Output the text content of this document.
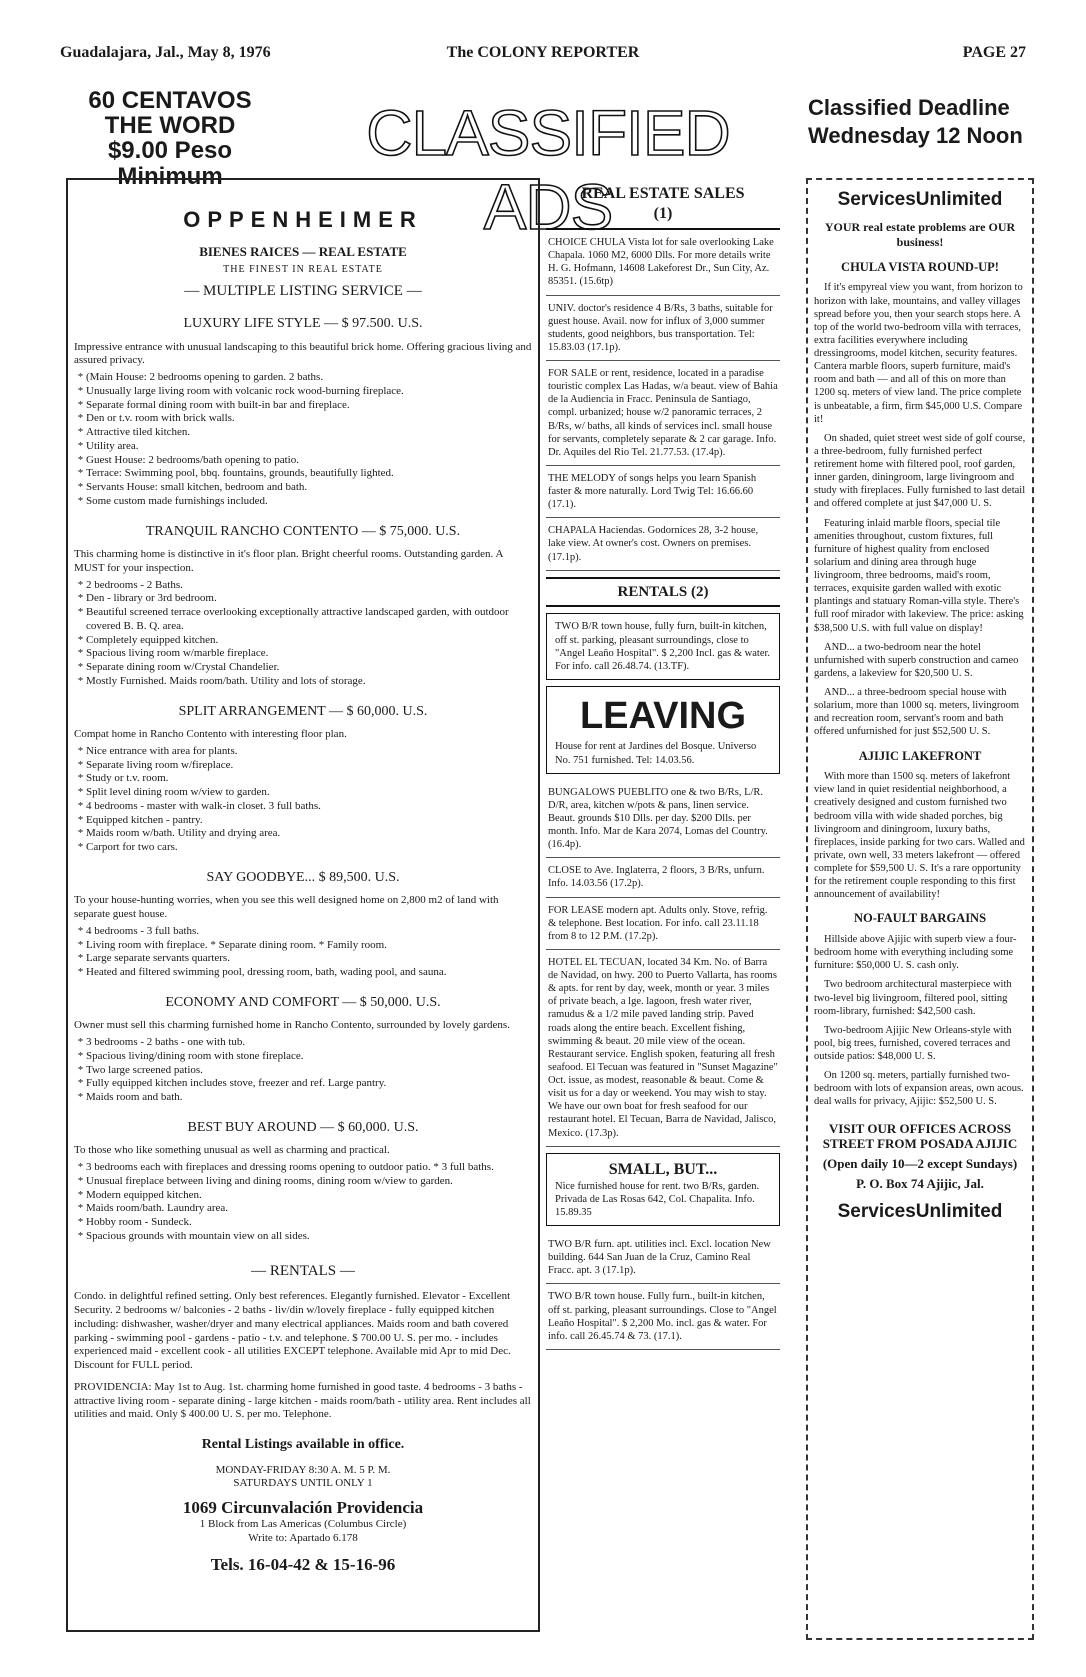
Guadalajara, Jal., May 8, 1976	The COLONY REPORTER	PAGE 27
60 CENTAVOS
THE WORD
$9.00 Peso Minimum
CLASSIFIED ADS
Classified Deadline
Wednesday 12 Noon
OPPENHEIMER
BIENES RAICES — REAL ESTATE
THE FINEST IN REAL ESTATE
— MULTIPLE LISTING SERVICE —
LUXURY LIFE STYLE — $ 97.500. U.S.

Impressive entrance with unusual landscaping to this beautiful brick home. Offering gracious living and assured privacy.

* (Main House: 2 bedrooms opening to garden. 2 baths.
* Unusually large living room with volcanic rock wood-burning fireplace.
* Separate formal dining room with built-in bar and fireplace.
* Den or t.v. room with brick walls.
* Attractive tiled kitchen.
* Utility area.
* Guest House: 2 bedrooms/bath opening to patio.
* Terrace: Swimming pool, bbq. fountains, grounds, beautifully lighted.
* Servants House: small kitchen, bedroom and bath.
* Some custom made furnishings included.
TRANQUIL RANCHO CONTENTO — $ 75,000. U.S.

This charming home is distinctive in it's floor plan. Bright cheerful rooms. Outstanding garden. A MUST for your inspection.

* 2 bedrooms - 2 Baths.
* Den - library or 3rd bedroom.
* Beautiful screened terrace overlooking exceptionally attractive landscaped garden, with outdoor covered B. B. Q. area.
* Completely equipped kitchen.
* Spacious living room w/marble fireplace.
* Separate dining room w/Crystal Chandelier.
* Mostly Furnished. Maids room/bath. Utility and lots of storage.
SPLIT ARRANGEMENT — $ 60,000. U.S.

Compat home in Rancho Contento with interesting floor plan.

* Nice entrance with area for plants.
* Separate living room w/fireplace.
* Study or t.v. room.
* Split level dining room w/view to garden.
* 4 bedrooms - master with walk-in closet. 3 full baths.
* Equipped kitchen - pantry.
* Maids room w/bath. Utility and drying area.
* Carport for two cars.
SAY GOODBYE... $ 89,500. U.S.

To your house-hunting worries, when you see this well designed home on 2,800 m2 of land with separate guest house.

* 4 bedrooms - 3 full baths.
* Living room with fireplace. * Separate dining room. * Family room.
* Large separate servants quarters.
* Heated and filtered swimming pool, dressing room, bath, wading pool, and sauna.
ECONOMY AND COMFORT — $ 50,000. U.S.

Owner must sell this charming furnished home in Rancho Contento, surrounded by lovely gardens.

* 3 bedrooms - 2 baths - one with tub.
* Spacious living/dining room with stone fireplace.
* Two large screened patios.
* Fully equipped kitchen includes stove, freezer and ref. Large pantry.
* Maids room and bath.
BEST BUY AROUND — $ 60,000. U.S.

To those who like something unusual as well as charming and practical.

* 3 bedrooms each with fireplaces and dressing rooms opening to outdoor patio. * 3 full baths.
* Unusual fireplace between living and dining rooms, dining room w/view to garden.
* Modern equipped kitchen.
* Maids room/bath. Laundry area.
* Hobby room - Sundeck.
* Spacious grounds with mountain view on all sides.
— RENTALS —

Condo. in delightful refined setting. Only best references. Elegantly furnished. Elevator - Excellent Security. 2 bedrooms w/ balconies - 2 baths - liv/din w/lovely fireplace - fully equipped kitchen including: dishwasher, washer/dryer and many electrical appliances. Maids room and bath covered parking - swimming pool - gardens - patio - t.v. and telephone. $ 700.00 U. S. per mo. - includes experienced maid - excellent cook - all utilities EXCEPT telephone. Available mid Apr to mid Dec. Discount for FULL period.

PROVIDENCIA: May 1st to Aug. 1st. charming home furnished in good taste. 4 bedrooms - 3 baths - attractive living room - separate dining - large kitchen - maids room/bath - utility area. Rent includes all utilities and maid. Only $ 400.00 U. S. per mo. Telephone.

Rental Listings available in office.
MONDAY-FRIDAY 8:30 A. M. 5 P. M.
SATURDAYS UNTIL ONLY 1
1069 Circunvalación Providencia
1 Block from Las Americas (Columbus Circle)
Write to: Apartado 6.178
Tels. 16-04-42 & 15-16-96
REAL ESTATE SALES
(1)
CHOICE CHULA Vista lot for sale overlooking Lake Chapala. 1060 M2, 6000 Dlls. For more details write H. G. Hofmann, 14608 Lakeforest Dr., Sun City, Az. 85351. (15.6tp)
UNIV. doctor's residence 4 B/Rs, 3 baths, suitable for guest house. Avail. now for influx of 3,000 summer students, good neighbors, bus transportation. Tel: 15.83.03 (17.1p).
FOR SALE or rent, residence, located in a paradise touristic complex Las Hadas, w/a beaut. view of Bahia de la Audiencia in Fracc. Peninsula de Santiago, compl. urbanized; house w/2 panoramic terraces, 2 B/Rs, w/ baths, all kinds of services incl. small house for servants, completely separate & 2 car garage. Info. Dr. Aquiles del Rio Tel. 21.77.53. (17.4p).
THE MELODY of songs helps you learn Spanish faster & more naturally. Lord Twig Tel: 16.66.60 (17.1).
CHAPALA Haciendas. Godornices 28, 3-2 house, lake view. At owner's cost. Owners on premises. (17.1p).
RENTALS (2)
TWO B/R town house, fully furn, built-in kitchen, off st. parking, pleasant surroundings, close to "Angel Leaño Hospital". $ 2,200 Incl. gas & water. For info. call 26.48.74. (13.TF).
LEAVING
House for rent at Jardines del Bosque. Universo No. 751 furnished. Tel: 14.03.56.
BUNGALOWS PUEBLITO one & two B/Rs, L/R. D/R, area, kitchen w/pots & pans, linen service. Beaut. grounds $10 Dlls. per day. $200 Dlls. per month. Info. Mar de Kara 2074, Lomas del Country. (16.4p).
CLOSE to Ave. Inglaterra, 2 floors, 3 B/Rs, unfurn. Info. 14.03.56 (17.2p).
FOR LEASE modern apt. Adults only. Stove, refrig. & telephone. Best location. For info. call 23.11.18 from 8 to 12 P.M. (17.2p).
HOTEL EL TECUAN, located 34 Km. No. of Barra de Navidad, on hwy. 200 to Puerto Vallarta, has rooms & apts. for rent by day, week, month or year. 3 miles of private beach, a lge. lagoon, fresh water river, ramudus & a 1/2 mile paved landing strip. Paved roads along the entire beach. Excellent fishing, swimming & beaut. 20 mile view of the ocean. Restaurant service. English spoken, featuring all fresh seafood. El Tecuan was featured in "Sunset Magazine" Oct. issue, as modest, reasonable & beaut. Come & visit us for a day or weekend. You may wish to stay. We have our own boat for fresh seafood for our restaurant hotel. El Tecuan, Barra de Navidad, Jalisco, Mexico. (17.3p).
SMALL, BUT...
Nice furnished house for rent. two B/Rs, garden. Privada de Las Rosas 642, Col. Chapalita. Info. 15.89.35
TWO B/R furn. apt. utilities incl. Excl. location New building. 644 San Juan de la Cruz, Camino Real Fracc. apt. 3 (17.1p).
TWO B/R town house. Fully furn., built-in kitchen, off st. parking, pleasant surroundings. Close to "Angel Leaño Hospital". $ 2,200 Mo. incl. gas & water. For info. call 26.45.74 & 73. (17.1).
ServicesUnlimited
YOUR real estate problems are OUR business!
CHULA VISTA ROUND-UP!

If it's empyreal view you want, from horizon to horizon with lake, mountains, and valley villages spread before you, then your search stops here. A top of the world two-bedroom villa with terraces, extra facilities everywhere including dressingrooms, model kitchen, security features. Cantera marble floors, superb furniture, maid's room and bath — and all of this on more than 1200 sq. meters of view land. The price complete is unbeatable, a firm, firm $45,000 U.S. Compare it!

On shaded, quiet street west side of golf course, a three-bedroom, fully furnished perfect retirement home with filtered pool, roof garden, inner garden, diningroom, large livingroom and study with fireplaces. Fully furnished to last detail and offered complete at just $47,000 U. S.

Featuring inlaid marble floors, special tile amenities throughout, custom fixtures, full furniture of highest quality from enclosed solarium and dining area through huge livingroom, three bedrooms, maid's room, terraces, exquisite garden walled with exotic plantings and statuary Roman-villa style. There's full roof mirador with lakeview. The price: asking $38,500 U.S. with full value on display!

AND... a two-bedroom near the hotel unfurnished with superb construction and cameo gardens, a lakeview for $20,500 U. S.

AND... a three-bedroom special house with solarium, more than 1000 sq. meters, livingroom and recreation room, servant's room and bath offered unfurnished for just $52,500 U. S.

AJIJIC LAKEFRONT

With more than 1500 sq. meters of lakefront view land in quiet residential neighborhood, a creatively designed and custom furnished two bedroom villa with wide shaded porches, big livingroom and diningroom, luxury baths, fireplaces, inside parking for two cars. Walled and private, own well, 33 meters lakefront — offered complete for $59,500 U. S. It's a rare opportunity for the retirement couple responding to this first announcement of availability!

NO-FAULT BARGAINS

Hillside above Ajijic with superb view a four-bedroom home with everything including some furniture: $50,000 U. S. cash only.

Two bedroom architectural masterpiece with two-level big livingroom, filtered pool, sitting room-library, furnished: $42,500 cash.

Two-bedroom Ajijic New Orleans-style with pool, big trees, furnished, covered terraces and outside patios: $48,000 U. S.

On 1200 sq. meters, partially furnished two-bedroom with lots of expansion areas, own acous. deal walls for privacy, Ajijic: $52,500 U. S.

VISIT OUR OFFICES ACROSS STREET FROM POSADA AJIJIC
(Open daily 10—2 except Sundays)
P. O. Box 74 Ajijic, Jal.
ServicesUnlimited
